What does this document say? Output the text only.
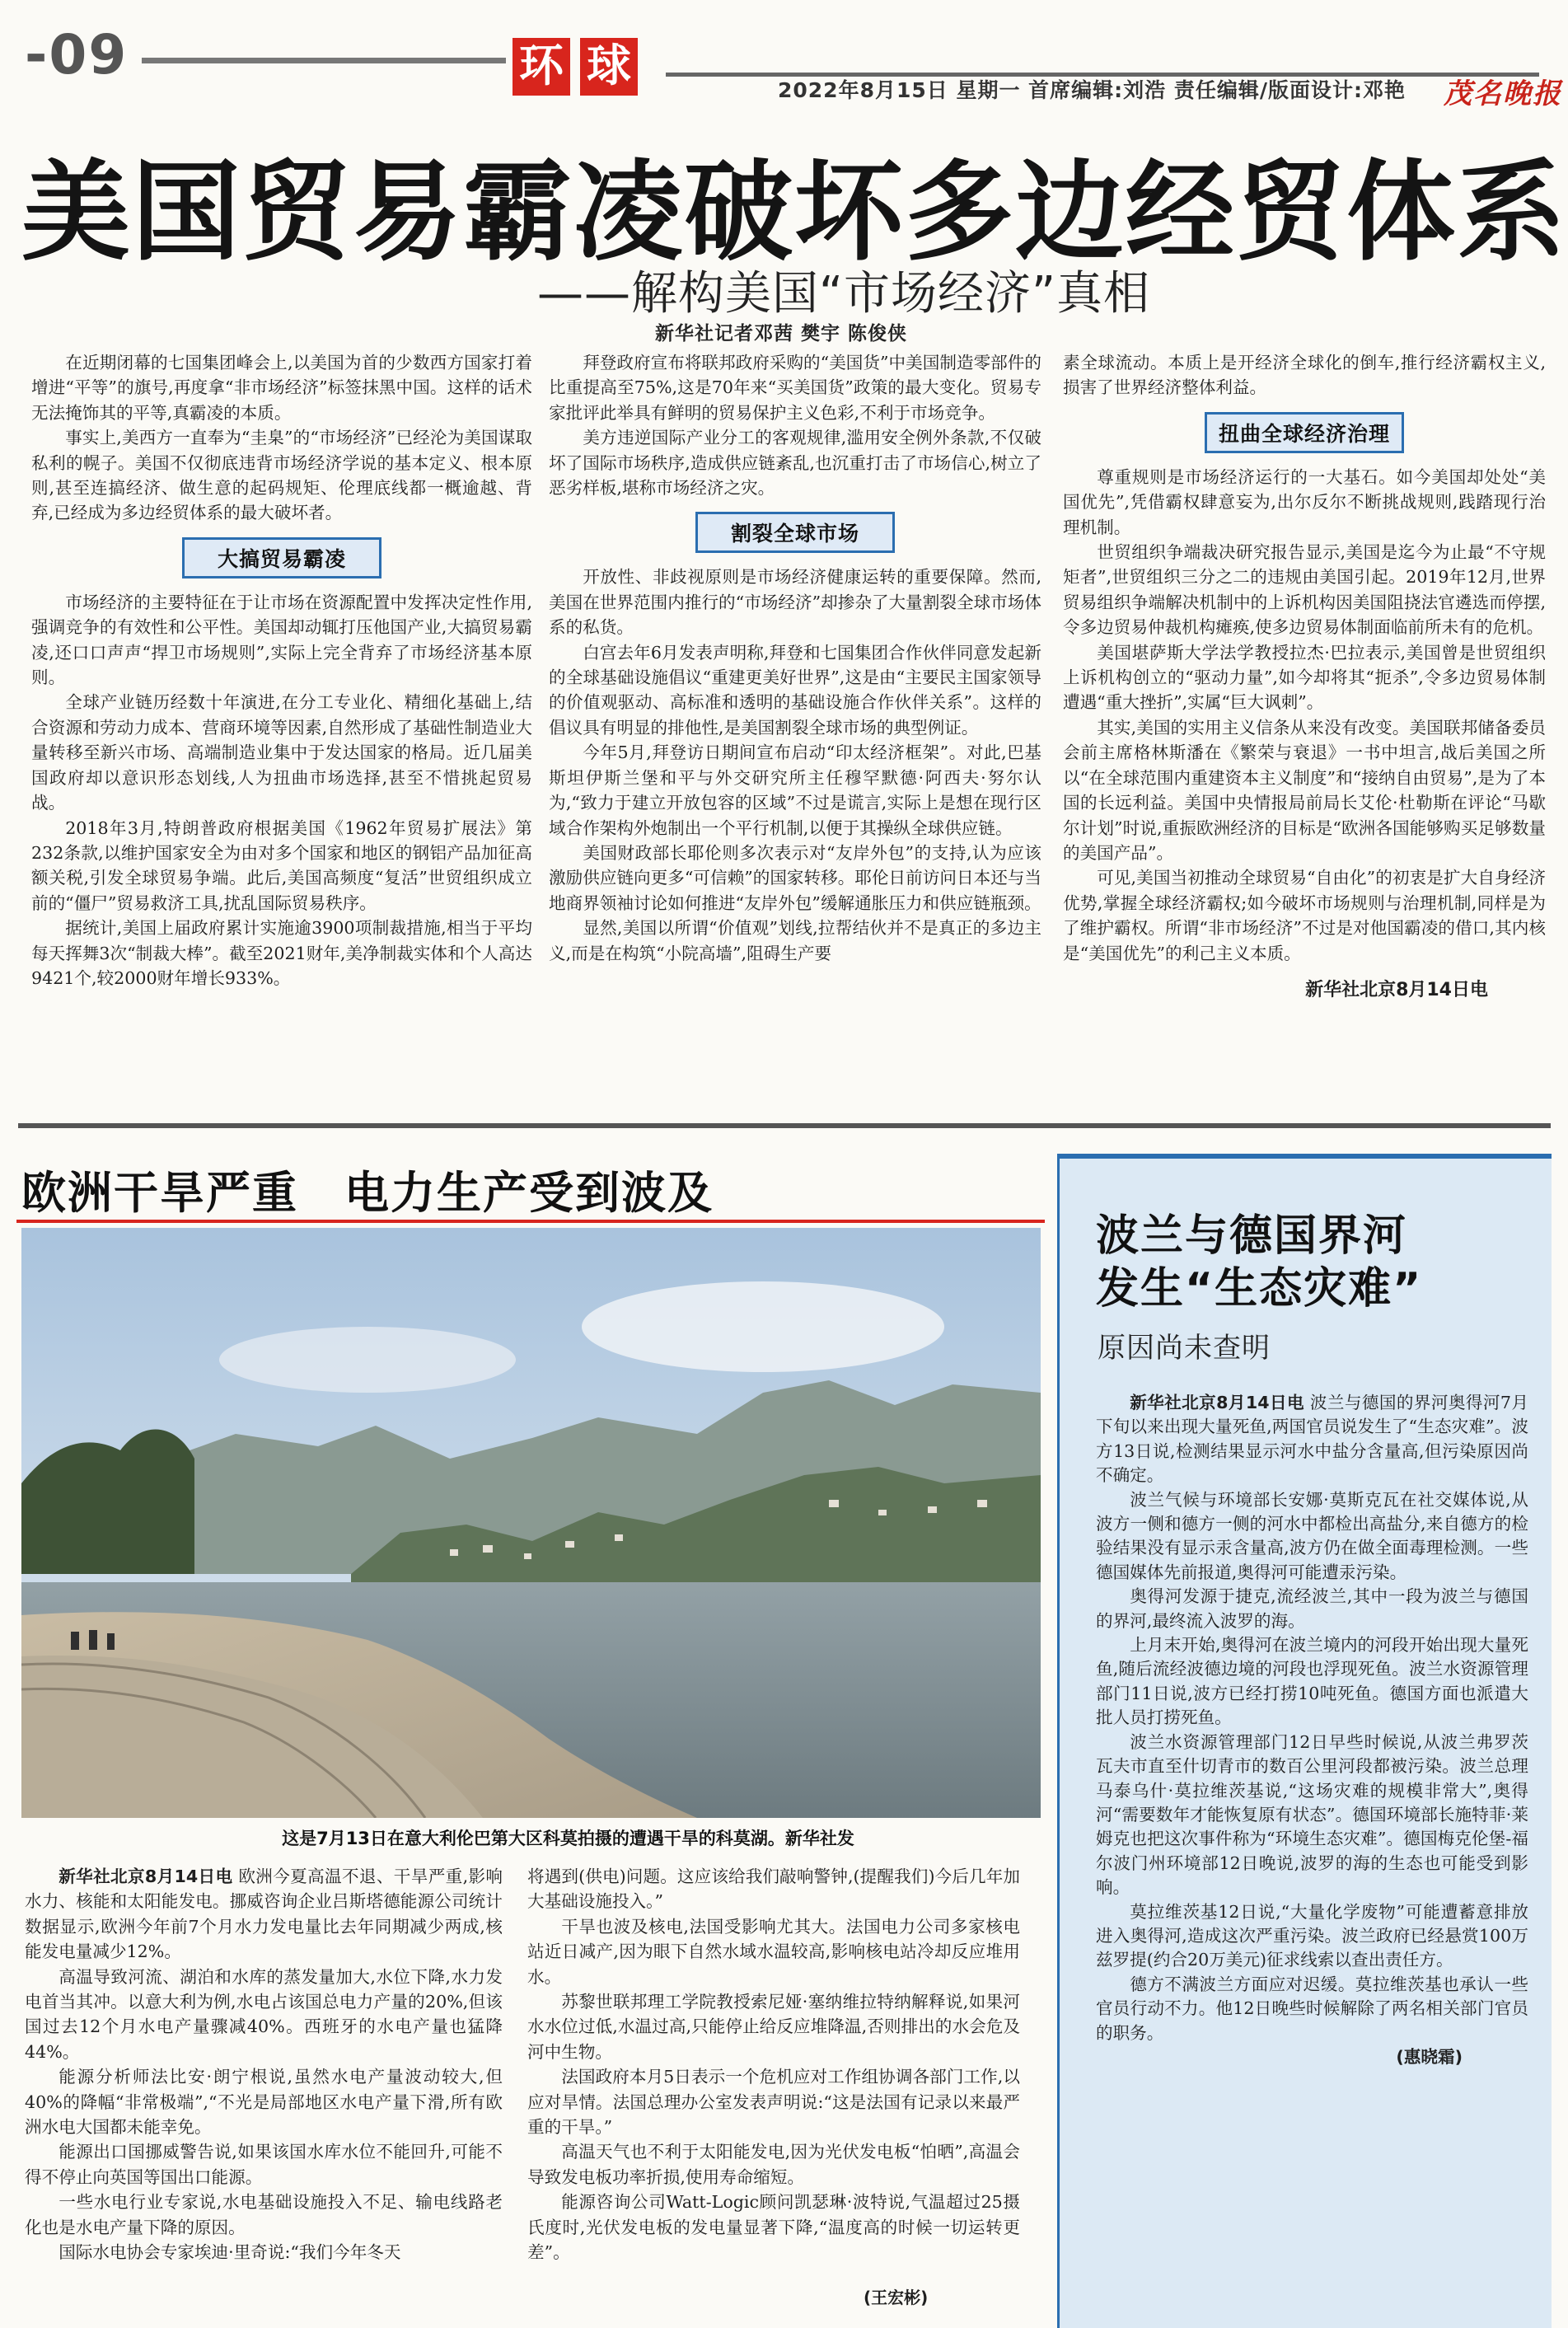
-09	环 球	2022年8月15日 星期一 首席编辑:刘浩 责任编辑/版面设计:邓艳 茂名晚报
美国贸易霸凌破坏多边经贸体系
——解构美国“市场经济”真相
新华社记者邓茜 樊宇 陈俊侠

在近期闭幕的七国集团峰会上,以美国为首的少数西方国家打着增进“平等”的旗号,再度拿“非市场经济”标签抹黑中国。这样的话术无法掩饰其的平等,真霸凌的本质。

事实上,美西方一直奉为“圭臬”的“市场经济”已经沦为美国谋取私利的幌子。美国不仅彻底违背市场经济学说的基本定义、根本原则,甚至连搞经济、做生意的起码规矩、伦理底线都一概逾越、背弃,已经成为多边经贸体系的最大破坏者。

大搞贸易霸凌

市场经济的主要特征在于让市场在资源配置中发挥决定性作用,强调竞争的有效性和公平性。美国却动辄打压他国产业,大搞贸易霸凌,还口口声声“捍卫市场规则”,实际上完全背弃了市场经济基本原则。

全球产业链历经数十年演进,在分工专业化、精细化基础上,结合资源和劳动力成本、营商环境等因素,自然形成了基础性制造业大量转移至新兴市场、高端制造业集中于发达国家的格局。近几届美国政府却以意识形态划线,人为扭曲市场选择,甚至不惜挑起贸易战。

2018年3月,特朗普政府根据美国《1962年贸易扩展法》第232条款,以维护国家安全为由对多个国家和地区的钢铝产品加征高额关税,引发全球贸易争端。此后,美国高频度“复活”世贸组织成立前的“僵尸”贸易救济工具,扰乱国际贸易秩序。

据统计,美国上届政府累计实施逾3900项制裁措施,相当于平均每天挥舞3次“制裁大棒”。截至2021财年,美净制裁实体和个人高达9421个,较2000财年增长933%。

拜登政府宣布将联邦政府采购的“美国货”中美国制造零部件的比重提高至75%,这是70年来“买美国货”政策的最大变化。贸易专家批评此举具有鲜明的贸易保护主义色彩,不利于市场竞争。

美方违逆国际产业分工的客观规律,滥用安全例外条款,不仅破坏了国际市场秩序,造成供应链紊乱,也沉重打击了市场信心,树立了恶劣样板,堪称市场经济之灾。

割裂全球市场

开放性、非歧视原则是市场经济健康运转的重要保障。然而,美国在世界范围内推行的“市场经济”却掺杂了大量割裂全球市场体系的私货。

白宫去年6月发表声明称,拜登和七国集团合作伙伴同意发起新的全球基础设施倡议“重建更美好世界”,这是由“主要民主国家领导的价值观驱动、高标准和透明的基础设施合作伙伴关系”。这样的倡议具有明显的排他性,是美国割裂全球市场的典型例证。

今年5月,拜登访日期间宣布启动“印太经济框架”。对此,巴基斯坦伊斯兰堡和平与外交研究所主任穆罕默德·阿西夫·努尔认为,“致力于建立开放包容的区域”不过是谎言,实际上是想在现行区域合作架构外炮制出一个平行机制,以便于其操纵全球供应链。

美国财政部长耶伦则多次表示对“友岸外包”的支持,认为应该激励供应链向更多“可信赖”的国家转移。耶伦日前访问日本还与当地商界领袖讨论如何推进“友岸外包”缓解通胀压力和供应链瓶颈。

显然,美国以所谓“价值观”划线,拉帮结伙并不是真正的多边主义,而是在构筑“小院高墙”,阻碍生产要

素全球流动。本质上是开经济全球化的倒车,推行经济霸权主义,损害了世界经济整体利益。

扭曲全球经济治理

尊重规则是市场经济运行的一大基石。如今美国却处处“美国优先”,凭借霸权肆意妄为,出尔反尔不断挑战规则,践踏现行治理机制。

世贸组织争端裁决研究报告显示,美国是迄今为止最“不守规矩者”,世贸组织三分之二的违规由美国引起。2019年12月,世界贸易组织争端解决机制中的上诉机构因美国阻挠法官遴选而停摆,令多边贸易仲裁机构瘫痪,使多边贸易体制面临前所未有的危机。

美国堪萨斯大学法学教授拉杰·巴拉表示,美国曾是世贸组织上诉机构创立的“驱动力量”,如今却将其“扼杀”,令多边贸易体制遭遇“重大挫折”,实属“巨大讽刺”。

其实,美国的实用主义信条从来没有改变。美国联邦储备委员会前主席格林斯潘在《繁荣与衰退》一书中坦言,战后美国之所以“在全球范围内重建资本主义制度”和“接纳自由贸易”,是为了本国的长远利益。美国中央情报局前局长艾伦·杜勒斯在评论“马歇尔计划”时说,重振欧洲经济的目标是“欧洲各国能够购买足够数量的美国产品”。

可见,美国当初推动全球贸易“自由化”的初衷是扩大自身经济优势,掌握全球经济霸权;如今破坏市场规则与治理机制,同样是为了维护霸权。所谓“非市场经济”不过是对他国霸凌的借口,其内核是“美国优先”的利己主义本质。

新华社北京8月14日电

欧洲干旱严重　电力生产受到波及
这是7月13日在意大利伦巴第大区科莫拍摄的遭遇干旱的科莫湖。新华社发

新华社北京8月14日电 欧洲今夏高温不退、干旱严重,影响水力、核能和太阳能发电。挪威咨询企业吕斯塔德能源公司统计数据显示,欧洲今年前7个月水力发电量比去年同期减少两成,核能发电量减少12%。

高温导致河流、湖泊和水库的蒸发量加大,水位下降,水力发电首当其冲。以意大利为例,水电占该国总电力产量的20%,但该国过去12个月水电产量骤减40%。西班牙的水电产量也猛降44%。

能源分析师法比安·朗宁根说,虽然水电产量波动较大,但40%的降幅“非常极端”,“不光是局部地区水电产量下滑,所有欧洲水电大国都未能幸免。

能源出口国挪威警告说,如果该国水库水位不能回升,可能不得不停止向英国等国出口能源。

一些水电行业专家说,水电基础设施投入不足、输电线路老化也是水电产量下降的原因。

国际水电协会专家埃迪·里奇说:“我们今年冬天

将遇到(供电)问题。这应该给我们敲响警钟,(提醒我们)今后几年加大基础设施投入。”

干旱也波及核电,法国受影响尤其大。法国电力公司多家核电站近日减产,因为眼下自然水域水温较高,影响核电站冷却反应堆用水。

苏黎世联邦理工学院教授索尼娅·塞纳维拉特纳解释说,如果河水水位过低,水温过高,只能停止给反应堆降温,否则排出的水会危及河中生物。

法国政府本月5日表示一个危机应对工作组协调各部门工作,以应对旱情。法国总理办公室发表声明说:“这是法国有记录以来最严重的干旱。”

高温天气也不利于太阳能发电,因为光伏发电板“怕晒”,高温会导致发电板功率折损,使用寿命缩短。

能源咨询公司Watt-Logic顾问凯瑟琳·波特说,气温超过25摄氏度时,光伏发电板的发电量显著下降,“温度高的时候一切运转更差”。

(王宏彬)
波兰与德国界河
发生“生态灾难”
原因尚未查明

新华社北京8月14日电 波兰与德国的界河奥得河7月下旬以来出现大量死鱼,两国官员说发生了“生态灾难”。波方13日说,检测结果显示河水中盐分含量高,但污染原因尚不确定。

波兰气候与环境部长安娜·莫斯克瓦在社交媒体说,从波方一侧和德方一侧的河水中都检出高盐分,来自德方的检验结果没有显示汞含量高,波方仍在做全面毒理检测。一些德国媒体先前报道,奥得河可能遭汞污染。

奥得河发源于捷克,流经波兰,其中一段为波兰与德国的界河,最终流入波罗的海。

上月末开始,奥得河在波兰境内的河段开始出现大量死鱼,随后流经波德边境的河段也浮现死鱼。波兰水资源管理部门11日说,波方已经打捞10吨死鱼。德国方面也派遣大批人员打捞死鱼。

波兰水资源管理部门12日早些时候说,从波兰弗罗茨瓦夫市直至什切青市的数百公里河段都被污染。波兰总理马泰乌什·莫拉维茨基说,“这场灾难的规模非常大”,奥得河“需要数年才能恢复原有状态”。德国环境部长施特菲·莱姆克也把这次事件称为“环境生态灾难”。德国梅克伦堡-福尔波门州环境部12日晚说,波罗的海的生态也可能受到影响。

莫拉维茨基12日说,“大量化学废物”可能遭蓄意排放进入奥得河,造成这次严重污染。波兰政府已经悬赏100万兹罗提(约合20万美元)征求线索以查出责任方。

德方不满波兰方面应对迟缓。莫拉维茨基也承认一些官员行动不力。他12日晚些时候解除了两名相关部门官员的职务。

(惠晓霜)
